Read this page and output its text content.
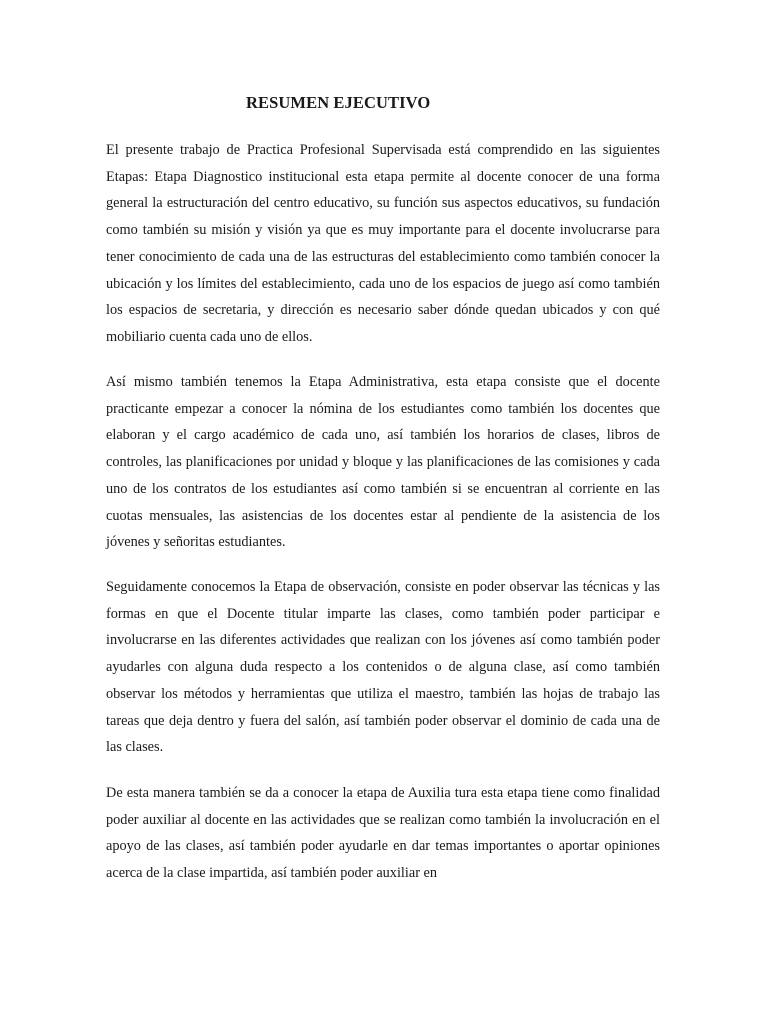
RESUMEN EJECUTIVO

El presente trabajo de Practica Profesional Supervisada está comprendido en las siguientes Etapas: Etapa Diagnostico institucional esta etapa permite al docente conocer de una forma general la estructuración del centro educativo, su función sus aspectos educativos, su fundación como también su misión y visión ya que es muy importante para el docente involucrarse para tener conocimiento de cada una de las estructuras del establecimiento como también conocer la ubicación y los límites del establecimiento, cada uno de los espacios de juego así como también los espacios de secretaria, y dirección es necesario saber dónde quedan ubicados y con qué mobiliario cuenta cada uno de ellos.

Así mismo también tenemos la Etapa Administrativa, esta etapa consiste que el docente practicante empezar a conocer la nómina de los estudiantes como también los docentes que elaboran y el cargo académico de cada uno, así también los horarios de clases, libros de controles, las planificaciones por unidad y bloque y las planificaciones de las comisiones y cada uno de los contratos de los estudiantes así como también si se encuentran al corriente en las cuotas mensuales, las asistencias de los docentes estar al pendiente de la asistencia de los jóvenes y señoritas estudiantes.

Seguidamente conocemos la Etapa de observación, consiste en poder observar las técnicas y las formas en que el Docente titular imparte las clases, como también poder participar e involucrarse en las diferentes actividades que realizan con los jóvenes así como también poder ayudarles con alguna duda respecto a los contenidos o de alguna clase, así como también observar los métodos y herramientas que utiliza el maestro, también las hojas de trabajo las tareas que deja dentro y fuera del salón, así también poder observar el dominio de cada una de las clases.

De esta manera también se da a conocer la etapa de Auxilia tura esta etapa tiene como finalidad poder auxiliar al docente en las actividades que se realizan como también la involucración en el apoyo de las clases, así también poder ayudarle en dar temas importantes o aportar opiniones acerca de la clase impartida, así también poder auxiliar en
